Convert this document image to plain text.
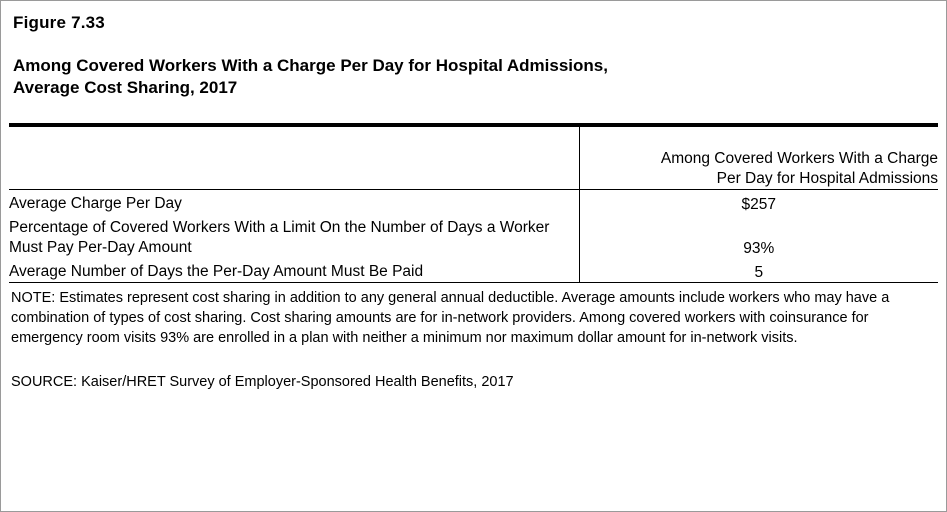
Figure 7.33
Among Covered Workers With a Charge Per Day for Hospital Admissions,
Average Cost Sharing, 2017

	Among Covered Workers With a Charge
Per Day for Hospital Admissions

Average Charge Per Day	$257
Percentage of Covered Workers With a Limit On the Number of Days a Worker Must Pay Per-Day Amount	93%
Average Number of Days the Per-Day Amount Must Be Paid	5
NOTE: Estimates represent cost sharing in addition to any general annual deductible. Average amounts include workers who may have a combination of types of cost sharing. Cost sharing amounts are for in-network providers. Among covered workers with coinsurance for emergency room visits 93% are enrolled in a plan with neither a minimum nor maximum dollar amount for in-network visits.
SOURCE: Kaiser/HRET Survey of Employer-Sponsored Health Benefits, 2017
